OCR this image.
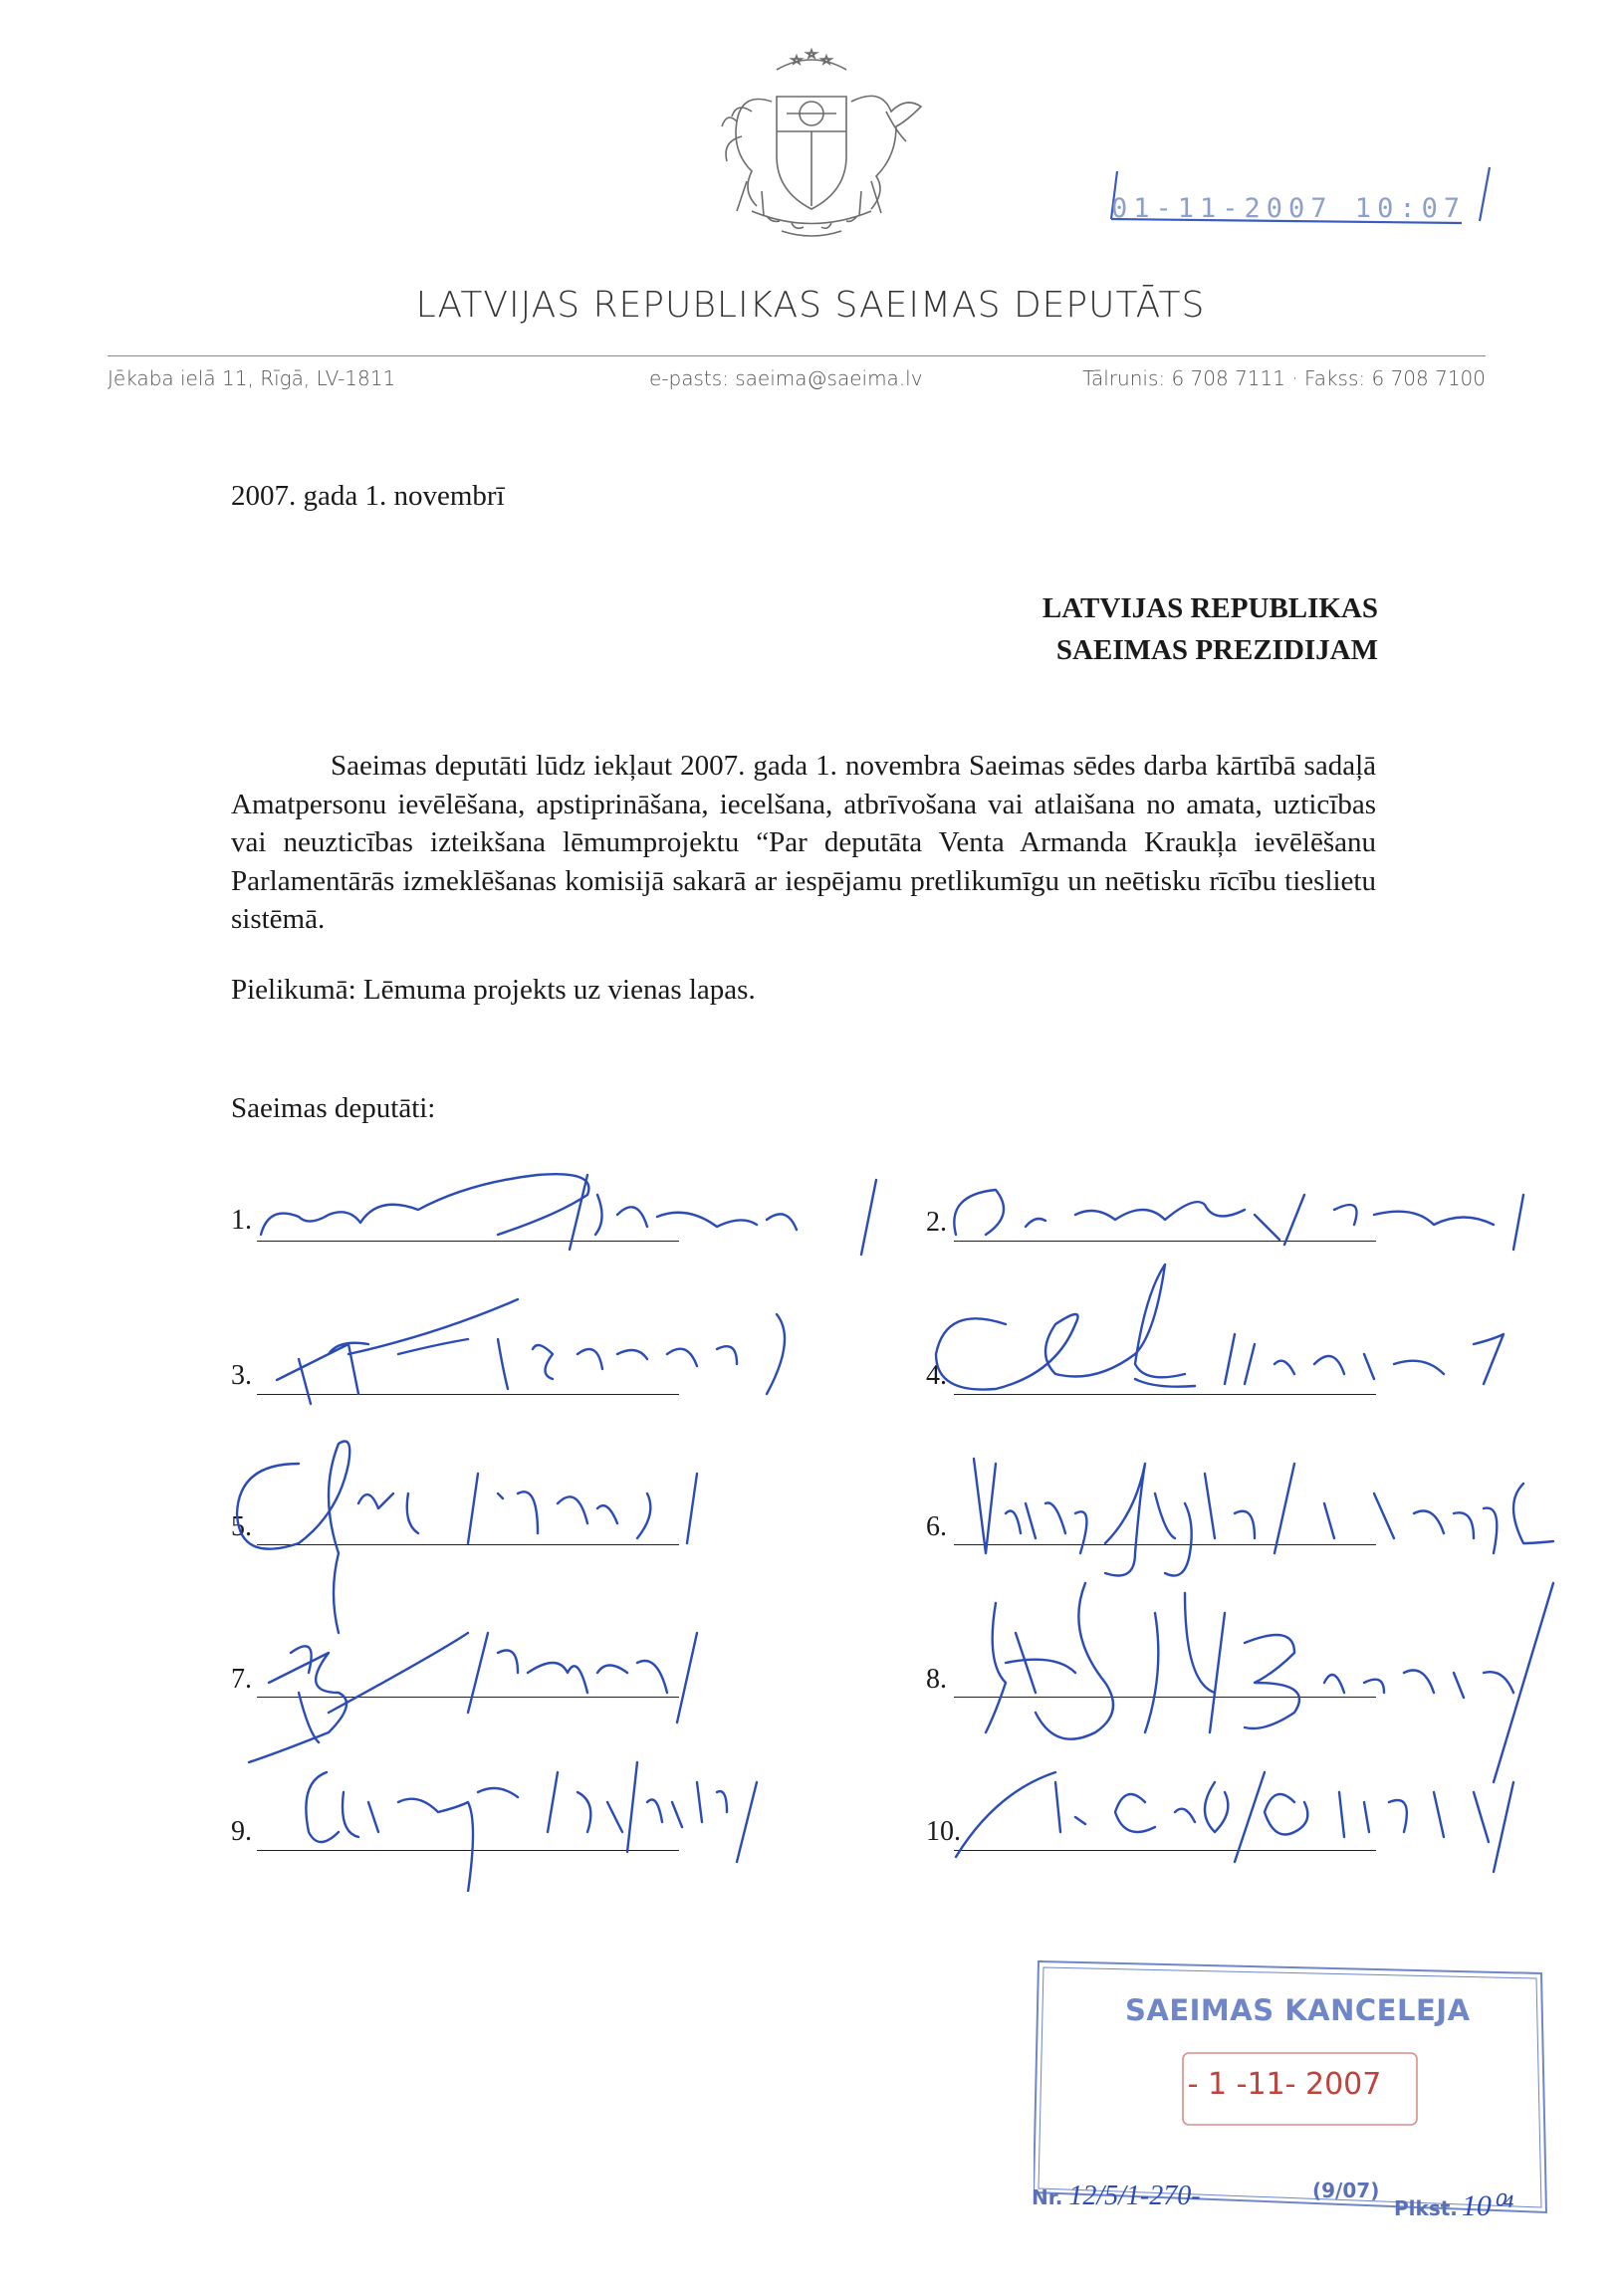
01-11-2007 10:07
LATVIJAS REPUBLIKAS SAEIMAS DEPUTĀTS
Jēkaba ielā 11, Rīgā, LV-1811	e-pasts: saeima@saeima.lv	Tālrunis: 6 708 7111 · Fakss: 6 708 7100
2007. gada 1. novembrī
LATVIJAS REPUBLIKAS
SAEIMAS PREZIDIJAM
Saeimas deputāti lūdz iekļaut 2007. gada 1. novembra Saeimas sēdes darba kārtībā sadaļā Amatpersonu ievēlēšana, apstiprināšana, iecelšana, atbrīvošana vai atlaišana no amata, uzticības vai neuzticības izteikšana lēmumprojektu “Par deputāta Venta Armanda Kraukļa ievēlēšanu Parlamentārās izmeklēšanas komisijā sakarā ar iespējamu pretlikumīgu un neētisku rīcību tieslietu sistēmā.
Pielikumā: Lēmuma projekts uz vienas lapas.
Saeimas deputāti:
1.
3.
5.
7.
9.
2.
4.
6.
8.
10.
SAEIMAS KANCELEJA
- 1 -11- 2007
Nr. 12/5/1-270-	(9/07)
Plkst. 10⁰⁴
